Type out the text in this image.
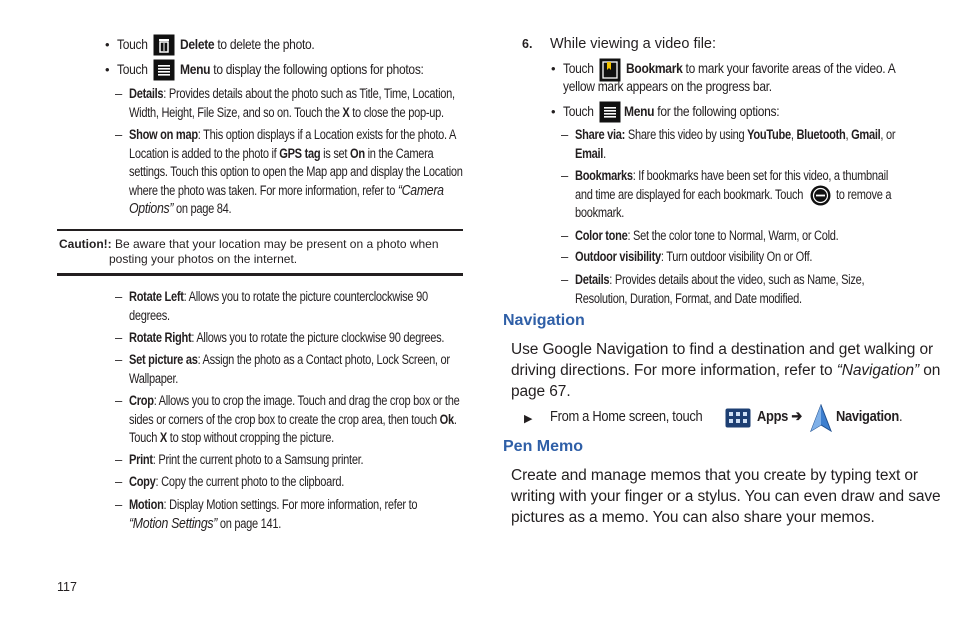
• Touch Delete to delete the photo.
• Touch Menu to display the following options for photos:
– Details: Provides details about the photo such as Title, Time, Location,
Width, Height, File Size, and so on. Touch the X to close the pop-up.
– Show on map: This option displays if a Location exists for the photo. A
Location is added to the photo if GPS tag is set On in the Camera
settings. Touch this option to open the Map app and display the Location
where the photo was taken. For more information, refer to “Camera
Options” on page 84.
Caution!: Be aware that your location may be present on a photo when
posting your photos on the internet.
– Rotate Left: Allows you to rotate the picture counterclockwise 90
degrees.
– Rotate Right: Allows you to rotate the picture clockwise 90 degrees.
– Set picture as: Assign the photo as a Contact photo, Lock Screen, or
Wallpaper.
– Crop: Allows you to crop the image. Touch and drag the crop box or the
sides or corners of the crop box to create the crop area, then touch Ok.
Touch X to stop without cropping the picture.
– Print: Print the current photo to a Samsung printer.
– Copy: Copy the current photo to the clipboard.
– Motion: Display Motion settings. For more information, refer to
“Motion Settings” on page 141.
117
6. While viewing a video file:
• Touch Bookmark to mark your favorite areas of the video. A
yellow mark appears on the progress bar.
• Touch Menu for the following options:
– Share via: Share this video by using YouTube, Bluetooth, Gmail, or
Email.
– Bookmarks: If bookmarks have been set for this video, a thumbnail
and time are displayed for each bookmark. Touch
bookmark.
to remove a
– Color tone: Set the color tone to Normal, Warm, or Cold.
– Outdoor visibility: Turn outdoor visibility On or Off.
– Details: Provides details about the video, such as Name, Size,
Resolution, Duration, Format, and Date modified.
Navigation
Use Google Navigation to find a destination and get walking or
driving directions. For more information, refer to “Navigation” on
page 67.
▶ From a Home screen, touch	Apps ➔ Navigation.
Pen Memo
Create and manage memos that you create by typing text or
writing with your finger or a stylus. You can even draw and save
pictures as a memo. You can also share your memos.
